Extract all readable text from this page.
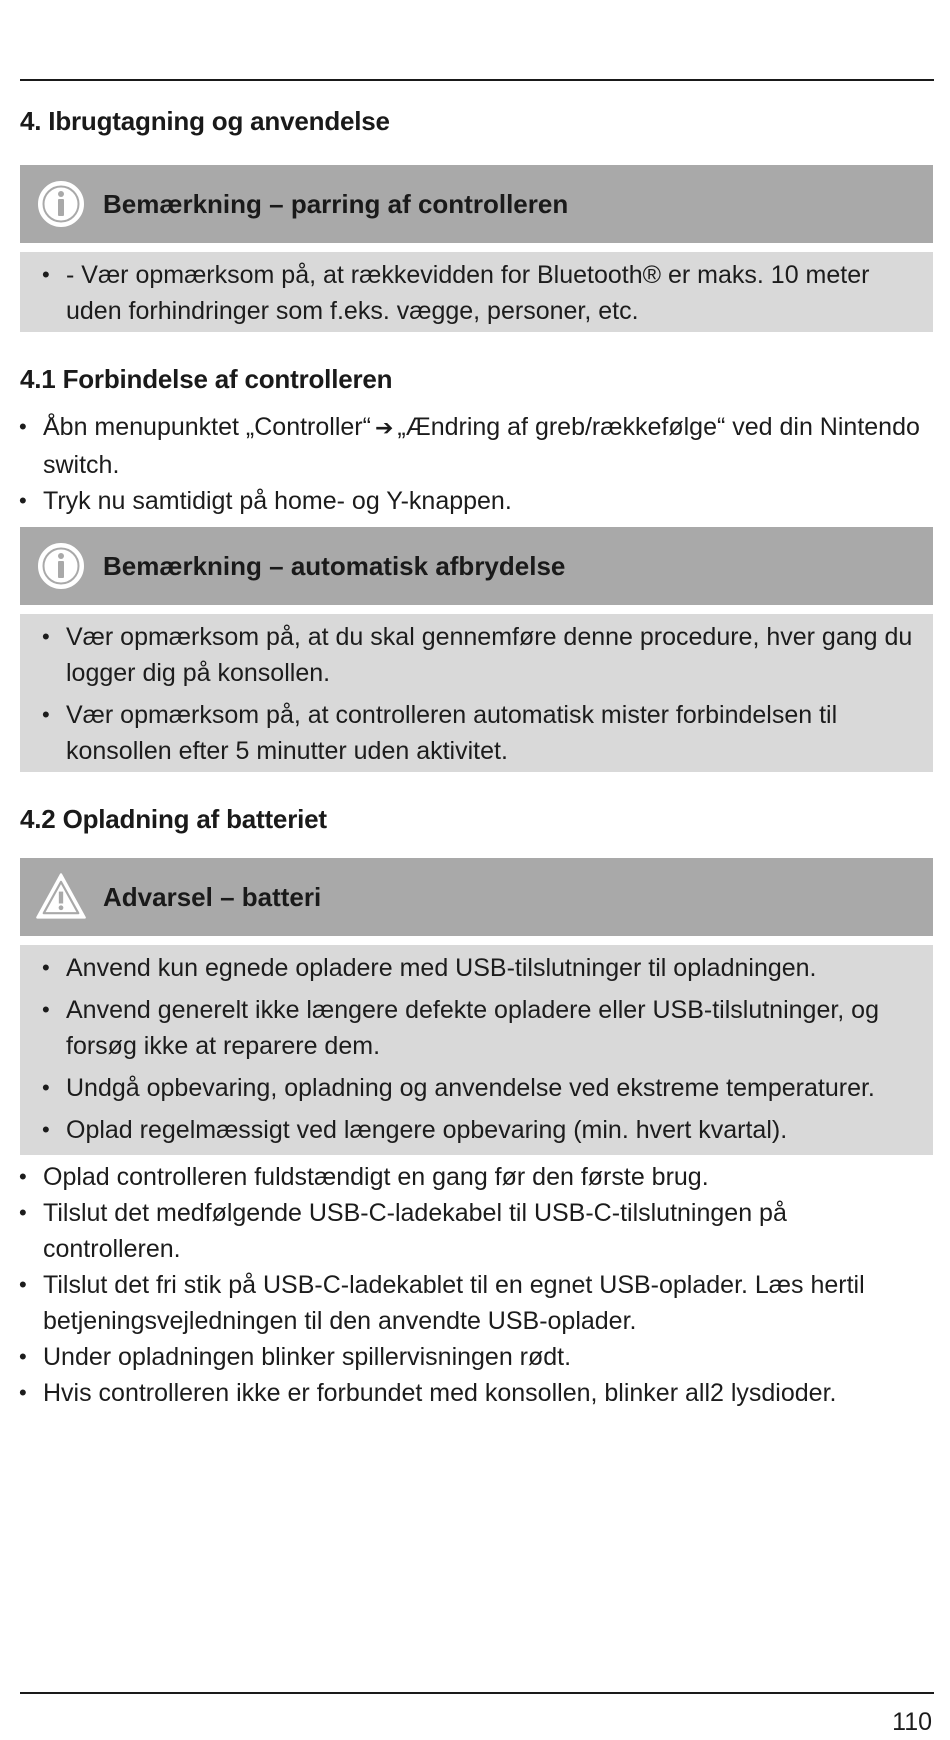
4. Ibrugtagning og anvendelse
Bemærkning – parring af controlleren
• - Vær opmærksom på, at rækkevidden for Bluetooth® er maks. 10 meter uden forhindringer som f.eks. vægge, personer, etc.
4.1 Forbindelse af controlleren
• Åbn menupunktet „Controller“ ➔ „Ændring af greb/rækkefølge“ ved din Nintendo switch.
• Tryk nu samtidigt på home- og Y-knappen.
Bemærkning – automatisk afbrydelse
• Vær opmærksom på, at du skal gennemføre denne procedure, hver gang du logger dig på konsollen.
• Vær opmærksom på, at controlleren automatisk mister forbindelsen til konsollen efter 5 minutter uden aktivitet.
4.2 Opladning af batteriet
Advarsel – batteri
• Anvend kun egnede opladere med USB-tilslutninger til opladningen.
• Anvend generelt ikke længere defekte opladere eller USB-tilslutninger, og forsøg ikke at reparere dem.
• Undgå opbevaring, opladning og anvendelse ved ekstreme temperaturer.
• Oplad regelmæssigt ved længere opbevaring (min. hvert kvartal).
• Oplad controlleren fuldstændigt en gang før den første brug.
• Tilslut det medfølgende USB-C-ladekabel til USB-C-tilslutningen på controlleren.
• Tilslut det fri stik på USB-C-ladekablet til en egnet USB-oplader. Læs hertil betjeningsvejledningen til den anvendte USB-oplader.
• Under opladningen blinker spillervisningen rødt.
• Hvis controlleren ikke er forbundet med konsollen, blinker all2 lysdioder.
110
